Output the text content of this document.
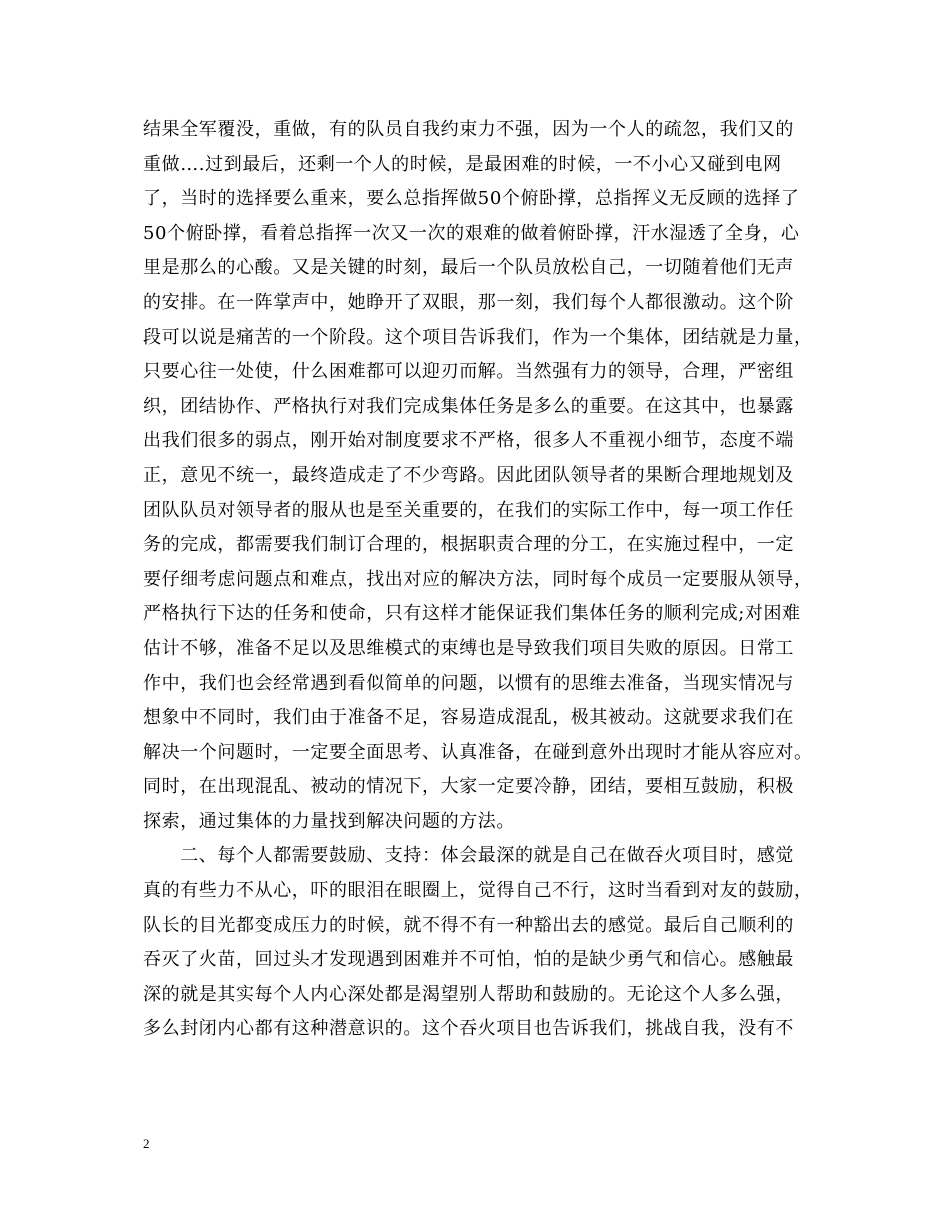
结果全军覆没，重做，有的队员自我约束力不强，因为一个人的疏忽，我们又的
重做….过到最后，还剩一个人的时候，是最困难的时候，一不小心又碰到电网
了，当时的选择要么重来，要么总指挥做50个俯卧撑，总指挥义无反顾的选择了
50个俯卧撑，看着总指挥一次又一次的艰难的做着俯卧撑，汗水湿透了全身，心
里是那么的心酸。又是关键的时刻，最后一个队员放松自己，一切随着他们无声
的安排。在一阵掌声中，她睁开了双眼，那一刻，我们每个人都很激动。这个阶
段可以说是痛苦的一个阶段。这个项目告诉我们，作为一个集体，团结就是力量，
只要心往一处使，什么困难都可以迎刃而解。当然强有力的领导，合理，严密组
织，团结协作、严格执行对我们完成集体任务是多么的重要。在这其中，也暴露
出我们很多的弱点，刚开始对制度要求不严格，很多人不重视小细节，态度不端
正，意见不统一，最终造成走了不少弯路。因此团队领导者的果断合理地规划及
团队队员对领导者的服从也是至关重要的，在我们的实际工作中，每一项工作任
务的完成，都需要我们制订合理的，根据职责合理的分工，在实施过程中，一定
要仔细考虑问题点和难点，找出对应的解决方法，同时每个成员一定要服从领导，
严格执行下达的任务和使命，只有这样才能保证我们集体任务的顺利完成;对困难
估计不够，准备不足以及思维模式的束缚也是导致我们项目失败的原因。日常工
作中，我们也会经常遇到看似简单的问题，以惯有的思维去准备，当现实情况与
想象中不同时，我们由于准备不足，容易造成混乱，极其被动。这就要求我们在
解决一个问题时，一定要全面思考、认真准备，在碰到意外出现时才能从容应对。
同时，在出现混乱、被动的情况下，大家一定要冷静，团结，要相互鼓励，积极
探索，通过集体的力量找到解决问题的方法。
　　二、每个人都需要鼓励、支持：体会最深的就是自己在做吞火项目时，感觉
真的有些力不从心，吓的眼泪在眼圈上，觉得自己不行，这时当看到对友的鼓励，
队长的目光都变成压力的时候，就不得不有一种豁出去的感觉。最后自己顺利的
吞灭了火苗，回过头才发现遇到困难并不可怕，怕的是缺少勇气和信心。感触最
深的就是其实每个人内心深处都是渴望别人帮助和鼓励的。无论这个人多么强，
多么封闭内心都有这种潜意识的。这个吞火项目也告诉我们，挑战自我，没有不
2
